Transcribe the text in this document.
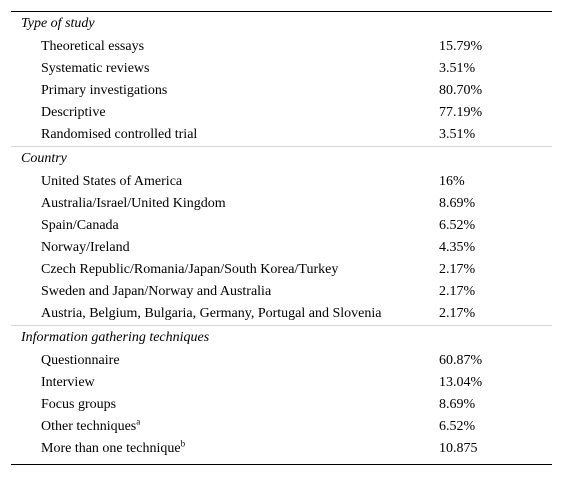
Type of study
Theoretical essays	15.79%
Systematic reviews	3.51%
Primary investigations	80.70%
Descriptive	77.19%
Randomised controlled trial	3.51%
Country
United States of America	16%
Australia/Israel/United Kingdom	8.69%
Spain/Canada	6.52%
Norway/Ireland	4.35%
Czech Republic/Romania/Japan/South Korea/Turkey	2.17%
Sweden and Japan/Norway and Australia	2.17%
Austria, Belgium, Bulgaria, Germany, Portugal and Slovenia	2.17%
Information gathering techniques
Questionnaire	60.87%
Interview	13.04%
Focus groups	8.69%
Other techniques$^a$	6.52%
More than one technique$^b$	10.875
